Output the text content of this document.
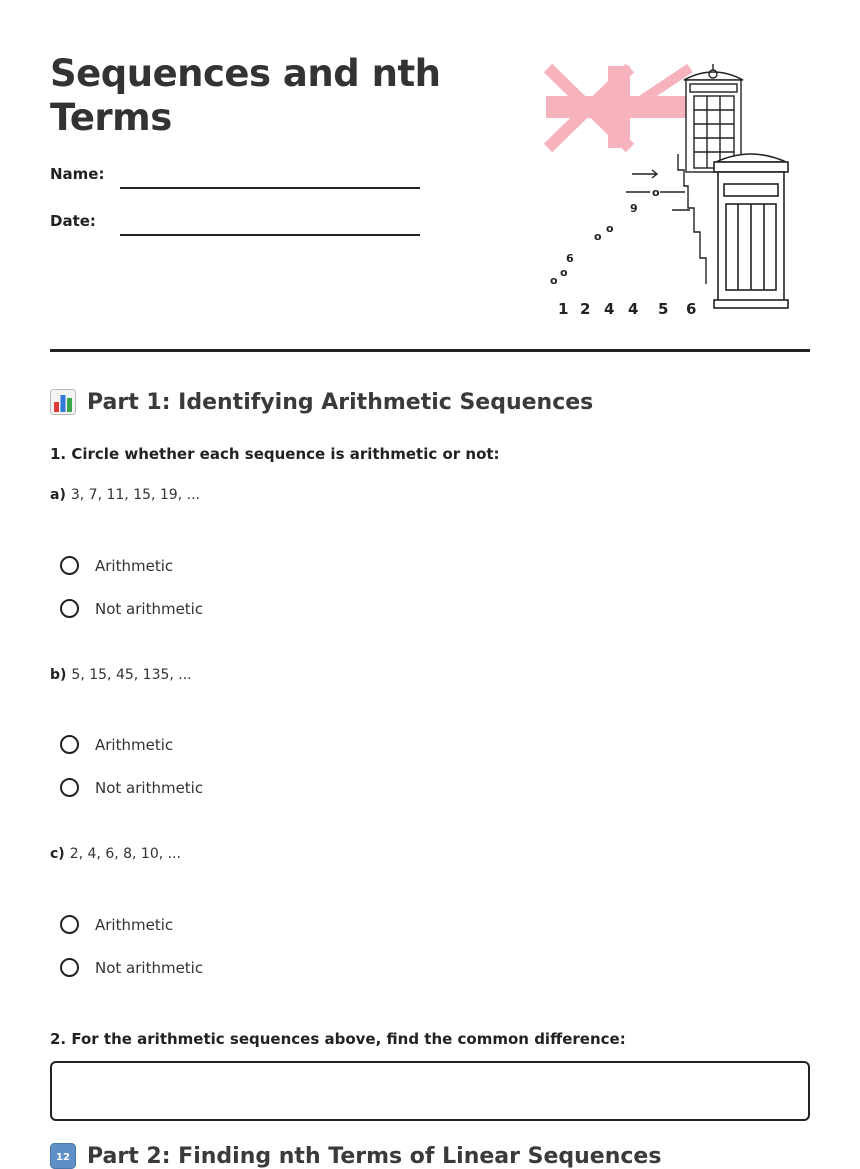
Sequences and nth Terms
Name:
Date:
o
o
6
o
o
9
o
1 2 4 4 5 6
Part 1: Identifying Arithmetic Sequences
1. Circle whether each sequence is arithmetic or not:
a) 3, 7, 11, 15, 19, ...
Arithmetic
Not arithmetic
b) 5, 15, 45, 135, ...
Arithmetic
Not arithmetic
c) 2, 4, 6, 8, 10, ...
Arithmetic
Not arithmetic
2. For the arithmetic sequences above, find the common difference:
12 Part 2: Finding nth Terms of Linear Sequences
